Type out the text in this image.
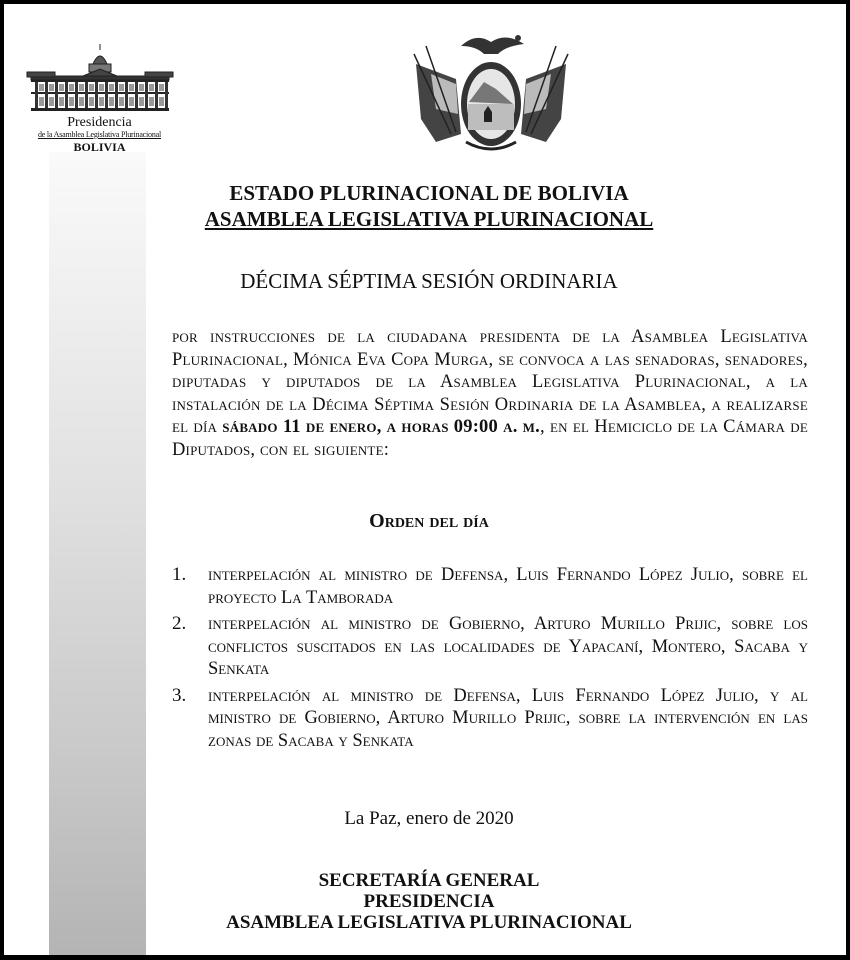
Presidencia
de la Asamblea Legislativa Plurinacional
BOLIVIA
ESTADO PLURINACIONAL DE BOLIVIA
ASAMBLEA LEGISLATIVA PLURINACIONAL
DÉCIMA SÉPTIMA SESIÓN ORDINARIA
por instrucciones de la ciudadana presidenta de la Asamblea Legislativa Plurinacional, Mónica Eva Copa Murga, se convoca a las senadoras, senadores, diputadas y diputados de la Asamblea Legislativa Plurinacional, a la instalación de la Décima Séptima Sesión Ordinaria de la Asamblea, a realizarse el día sábado 11 de enero, a horas 09:00 a. m., en el Hemiciclo de la Cámara de Diputados, con el siguiente:
Orden del día
1.	interpelación al ministro de Defensa, Luis Fernando López Julio, sobre el proyecto La Tamborada
2.	interpelación al ministro de Gobierno, Arturo Murillo Prijic, sobre los conflictos suscitados en las localidades de Yapacaní, Montero, Sacaba y Senkata
3.	interpelación al ministro de Defensa, Luis Fernando López Julio, y al ministro de Gobierno, Arturo Murillo Prijic, sobre la intervención en las zonas de Sacaba y Senkata
La Paz, enero de 2020
SECRETARÍA GENERAL
PRESIDENCIA
ASAMBLEA LEGISLATIVA PLURINACIONAL
